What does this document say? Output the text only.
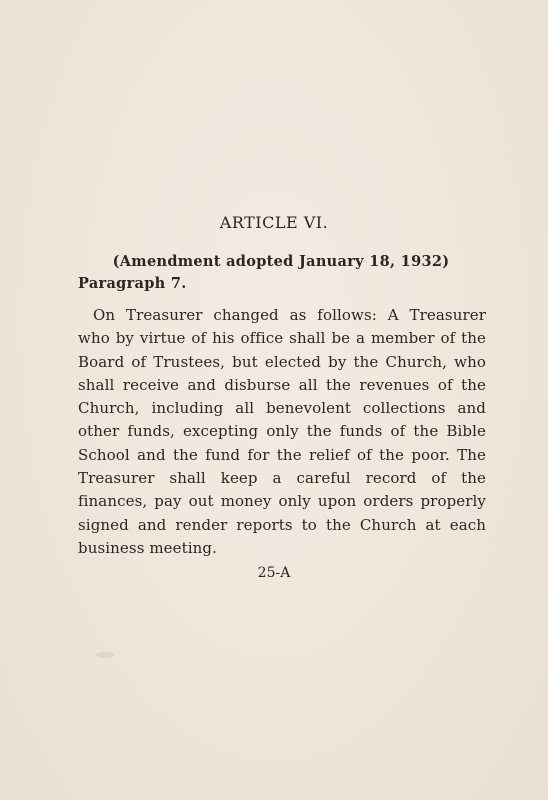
ARTICLE VI.
(Amendment adopted January 18, 1932)
Paragraph 7.

On Treasurer changed as follows: A Treasurer who by virtue of his office shall be a member of the Board of Trustees, but elected by the Church, who shall receive and disburse all the revenues of the Church, including all benevolent collections and other funds, excepting only the funds of the Bible School and the fund for the relief of the poor. The Treasurer shall keep a careful record of the finances, pay out money only upon orders properly signed and render reports to the Church at each business meeting.

25-A
